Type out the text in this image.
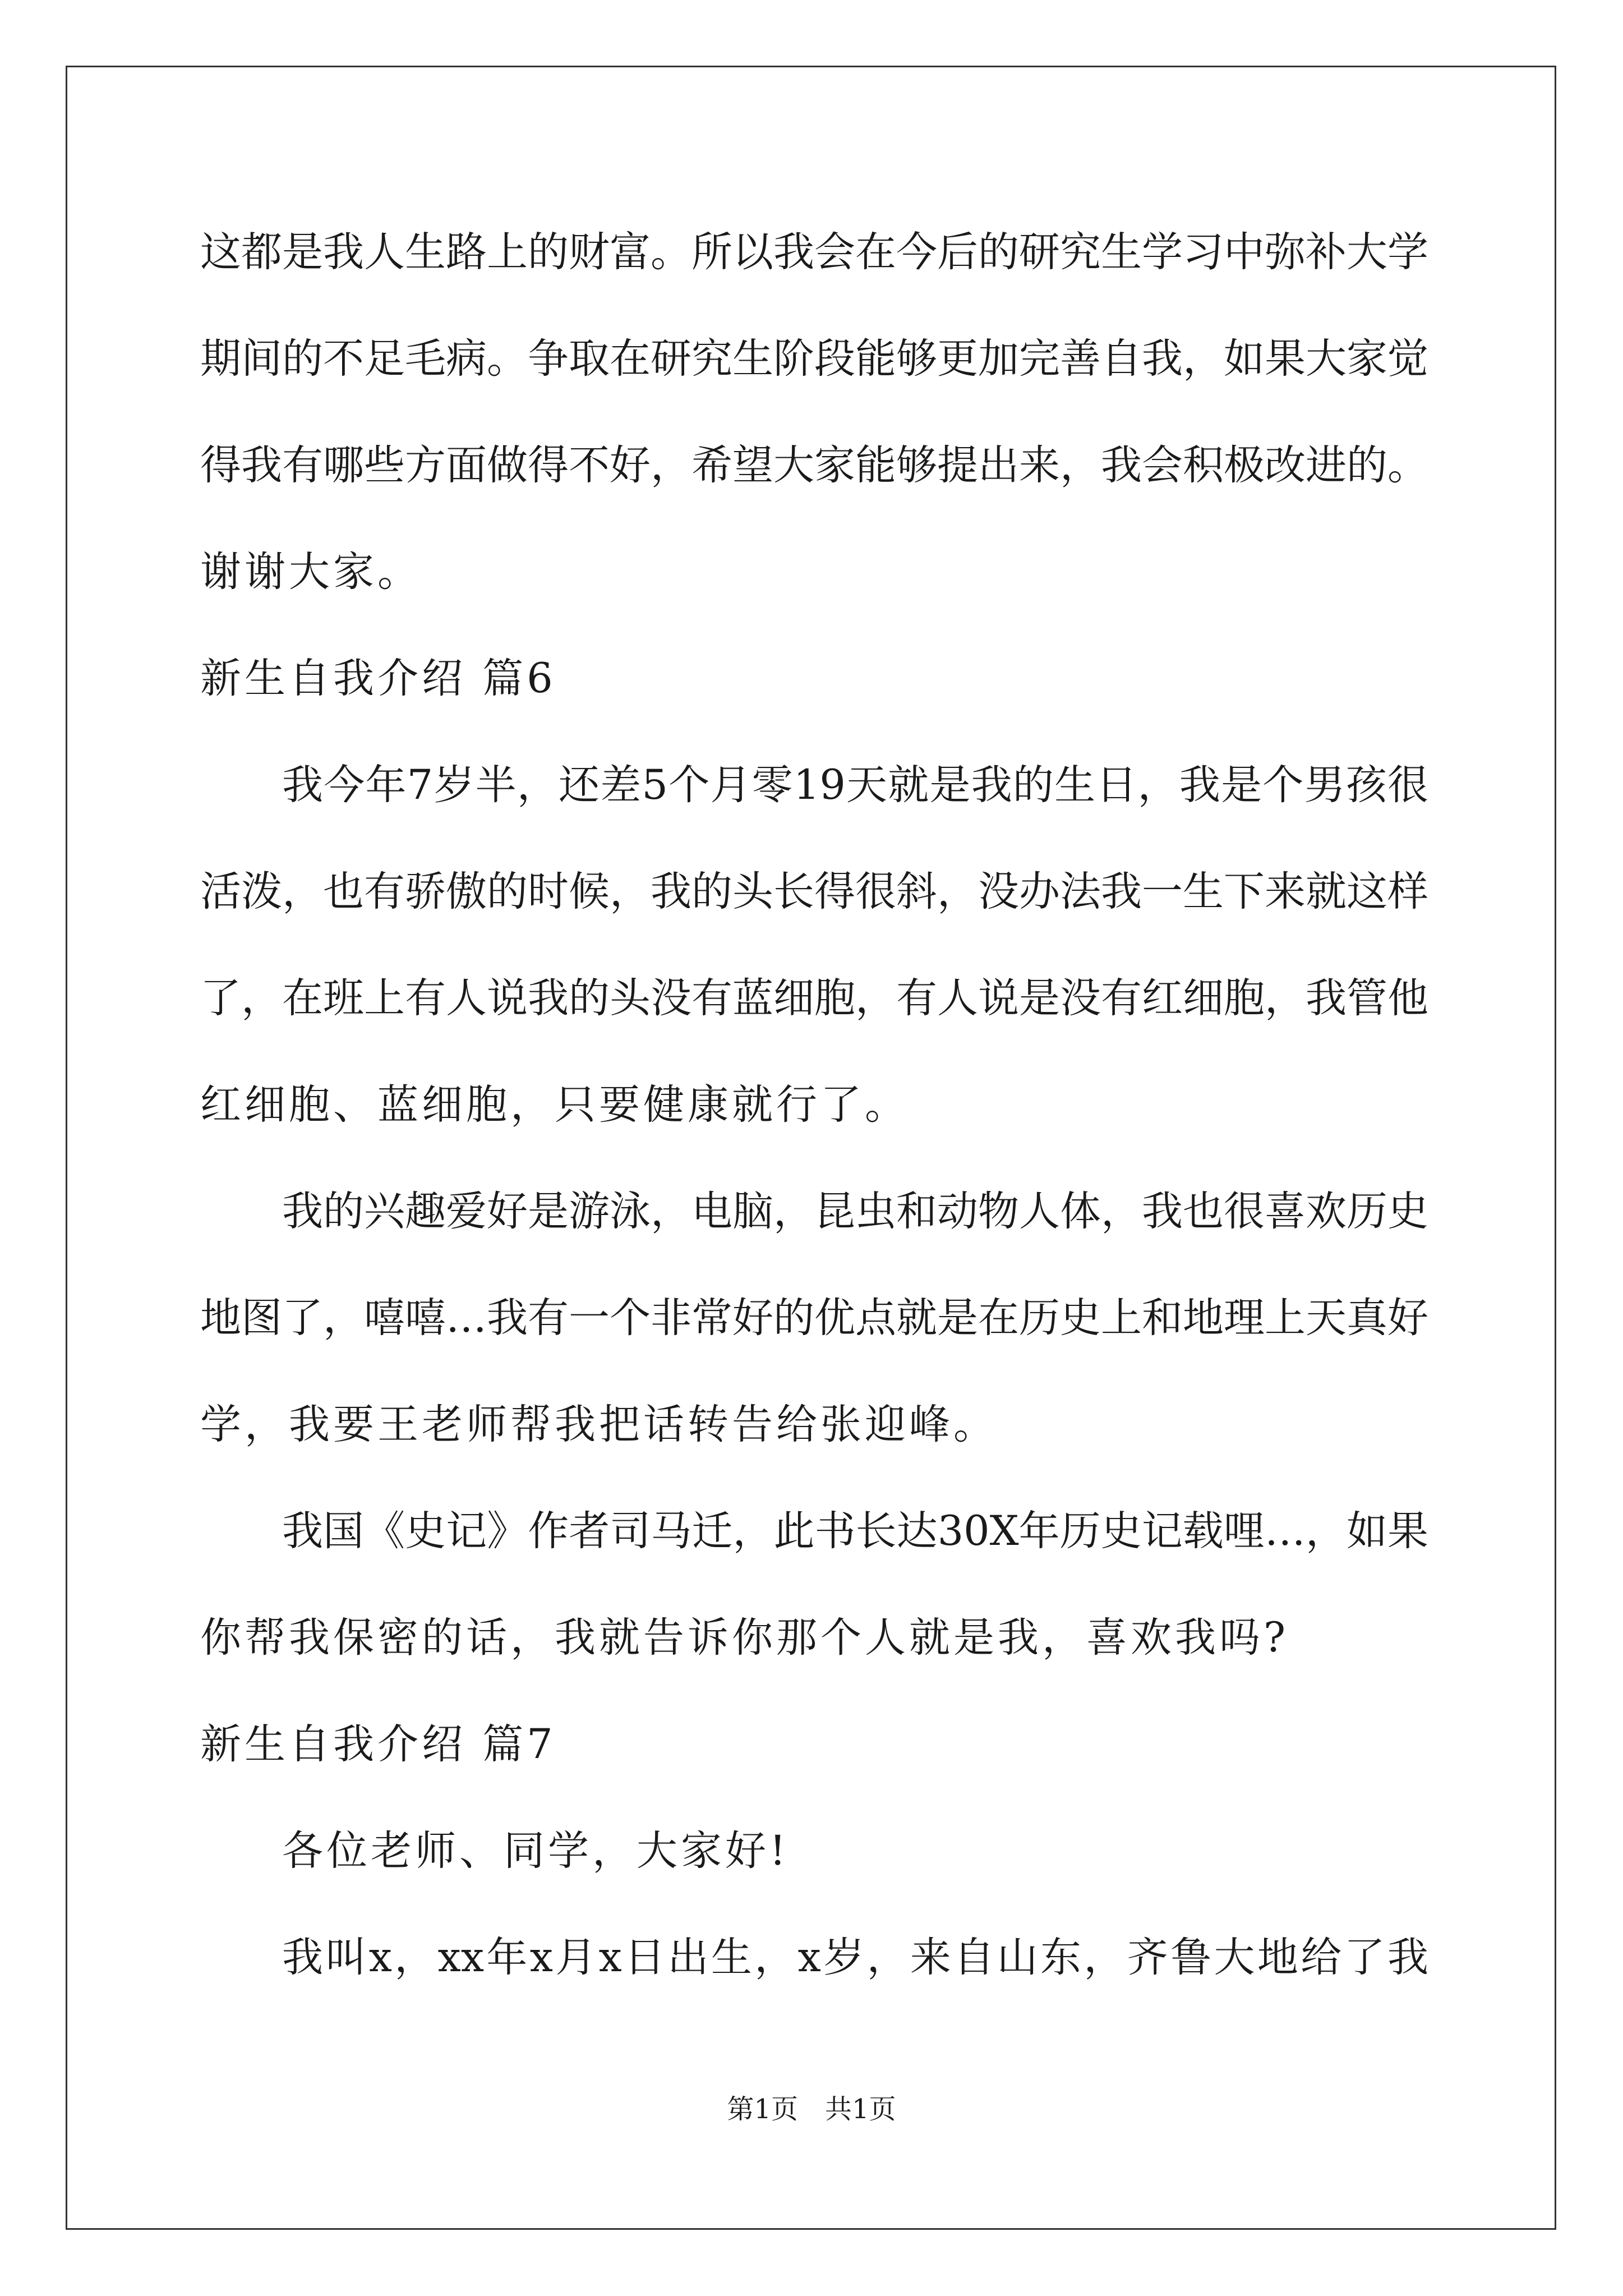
这都是我人生路上的财富。所以我会在今后的研究生学习中弥补大学
期间的不足毛病。争取在研究生阶段能够更加完善自我，如果大家觉
得我有哪些方面做得不好，希望大家能够提出来，我会积极改进的。
谢谢大家。
新生自我介绍 篇6
我今年7岁半，还差5个月零19天就是我的生日，我是个男孩很
活泼，也有骄傲的时候，我的头长得很斜，没办法我一生下来就这样
了，在班上有人说我的头没有蓝细胞，有人说是没有红细胞，我管他
红细胞、蓝细胞，只要健康就行了。
我的兴趣爱好是游泳，电脑，昆虫和动物人体，我也很喜欢历史
地图了，嘻嘻…我有一个非常好的优点就是在历史上和地理上天真好
学，我要王老师帮我把话转告给张迎峰。
我国《史记》作者司马迁，此书长达30X年历史记载哩…，如果
你帮我保密的话，我就告诉你那个人就是我，喜欢我吗?
新生自我介绍 篇7
各位老师、同学，大家好!
我叫x，xx年x月x日出生，x岁，来自山东，齐鲁大地给了我
第1页　共1页
